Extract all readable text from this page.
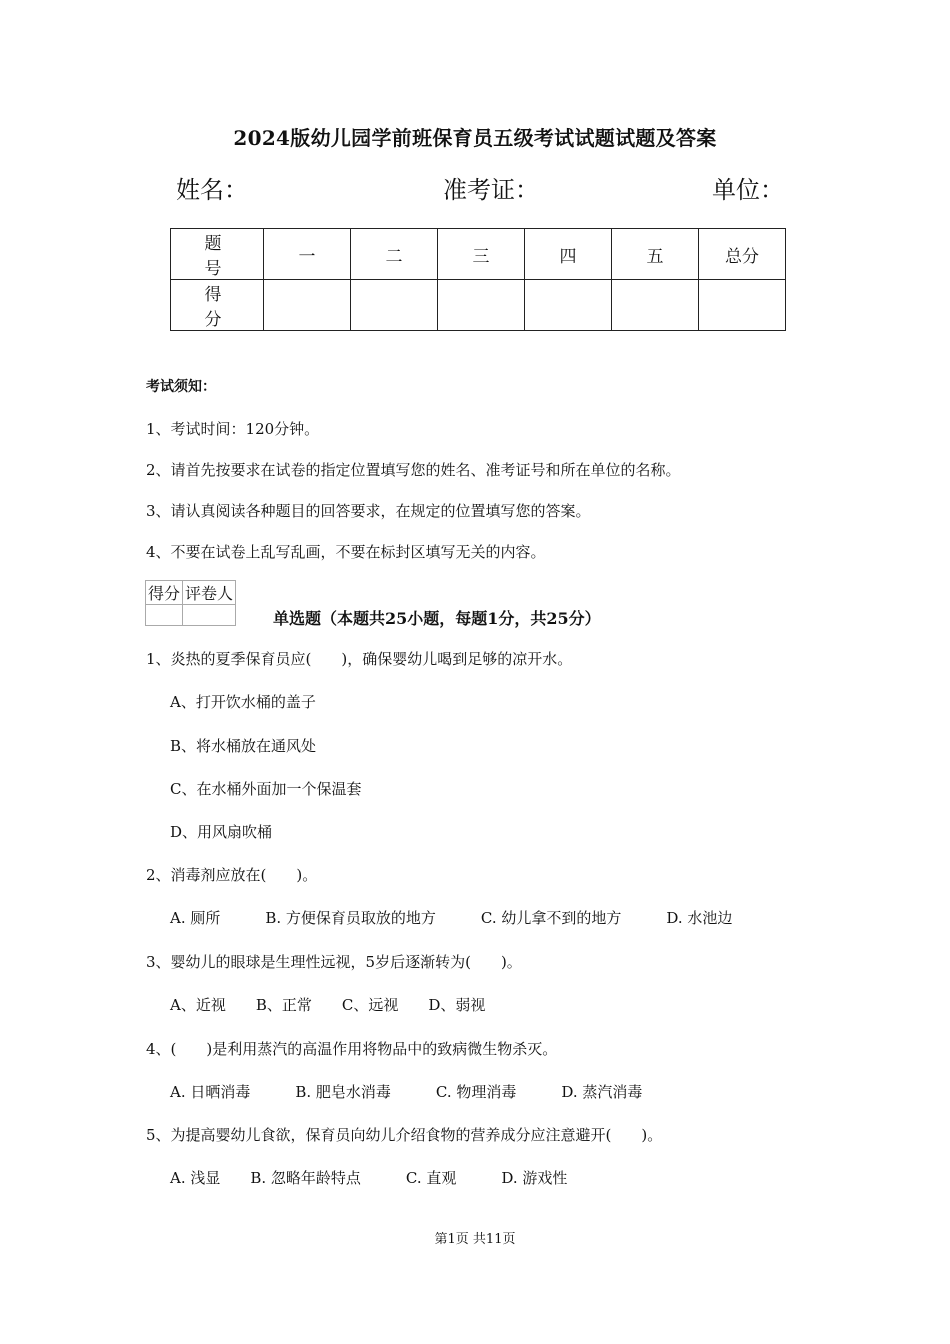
2024版幼儿园学前班保育员五级考试试题试题及答案
姓名：	准考证：	单位：
题　号	一	二	三	四	五	总分
得　分						
考试须知：
1、考试时间：120分钟。
2、请首先按要求在试卷的指定位置填写您的姓名、准考证号和所在单位的名称。
3、请认真阅读各种题目的回答要求，在规定的位置填写您的答案。
4、不要在试卷上乱写乱画，不要在标封区填写无关的内容。
得分	评卷人

单选题（本题共25小题，每题1分，共25分）
1、炎热的夏季保育员应(　　)，确保婴幼儿喝到足够的凉开水。
A、打开饮水桶的盖子
B、将水桶放在通风处
C、在水桶外面加一个保温套
D、用风扇吹桶
2、消毒剂应放在(　　)。
A. 厕所　　　B. 方便保育员取放的地方　　　C. 幼儿拿不到的地方　　　D. 水池边
3、婴幼儿的眼球是生理性远视，5岁后逐渐转为(　　)。
A、近视　　B、正常　　C、远视　　D、弱视
4、(　　)是利用蒸汽的高温作用将物品中的致病微生物杀灭。
A. 日晒消毒　　　B. 肥皂水消毒　　　C. 物理消毒　　　D. 蒸汽消毒
5、为提高婴幼儿食欲，保育员向幼儿介绍食物的营养成分应注意避开(　　)。
A. 浅显　　B. 忽略年龄特点　　　C. 直观　　　D. 游戏性
第1页 共11页
